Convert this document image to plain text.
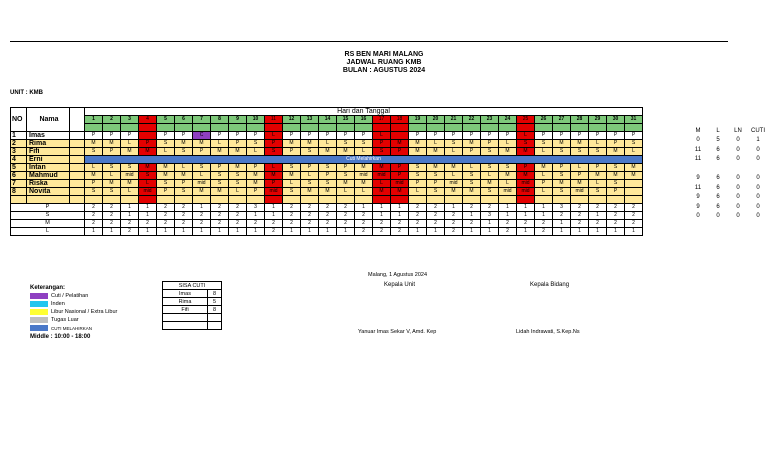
RS BEN MARI MALANG
JADWAL RUANG KMB
BULAN : AGUSTUS 2024
UNIT : KMB
NO	Nama		Hari dan Tanggal																														
			1	2	3	4	5	6	7	8	9	10	11	12	13	14	15	16	17	18	19	20	21	22	23	24	25	26	27	28	29	30	31

1	Imas		P	P	P		P	P	C	P	P	P	L	P	P	P	P	P	L		P	P	P	P	P	P	L	P	P	P	P	P	P
2	Rima		M	M	L	P	S	M	M	L	P	S	P	M	M	L	S	S	P	M	M	L	S	M	P	L	S	S	M	M	L	P	S
3	Fifi		S	P	M	M	L	S	P	M	M	L	S	P	S	M	M	L	S	P	M	M	L	P	S	M	M	L	S	S	S	M	L
4	Erni		Cuti Melahirkan																														
5	Intan		L	S	S	M	M	L	S	P	M	P	L	S	P	S	P	M	M	P	S	M	M	L	S	S	P	M	P	L	P	S	M
6	Mahmud		M	L	mid	S	M	M	L	S	S	M	M	M	L	P	S	mid	mid	P	S	S	L	S	L	M	M	L	S	P	M	M	M
7	Riska		P	M	M	L	S	P	mid	S	S	M	P	L	S	S	M	M	L	mid	P	P	mid	S	M	L	mid	P	M	M	L	S	
8	Novita		S	S	L	mid	P	S	M	M	L	P	mid	S	M	M	L	L	M	M	L	S	M	M	S	mid	mid	L	S	mid	S	P	

P			2	2	1	1	2	2	1	2	2	3	1	2	2	2	2	1	1	1	2	2	1	2	2	1	1	1	3	2	2	2	2
S			2	2	1	1	2	2	2	2	2	1	1	2	2	2	2	2	1	1	2	2	2	1	3	1	1	1	2	2	1	2	2
M			2	2	2	2	2	2	2	2	2	2	2	2	2	2	2	2	2	2	2	2	2	2	1	2	2	2	1	2	2	2	2
L			1	1	2	1	1	1	1	1	1	1	2	1	1	1	1	2	2	2	1	1	2	1	1	2	1	2	1	1	1	1	1
M	L	LN	CUTI
0	5	0	1
11	6	0	0
11	6	0	0

9	6	0	0
11	6	0	0
9	6	0	0
9	6	0	0
0	0	0	0
Keterangan:
Cuti / Pelatihan
Inden
Libur Nasional / Extra Libur
Tugas Luar
CUTI MELAHIRKAN
Middle : 10:00 - 18:00
SISA CUTI	
Imas	8
Rima	5
Fifi	8

Malang, 1 Agustus 2024
Kepala Unit	Kepala Bidang
Yanuar Imas Sekar V, Amd. Kep	Lidah Indrawati, S.Kep.Ns
